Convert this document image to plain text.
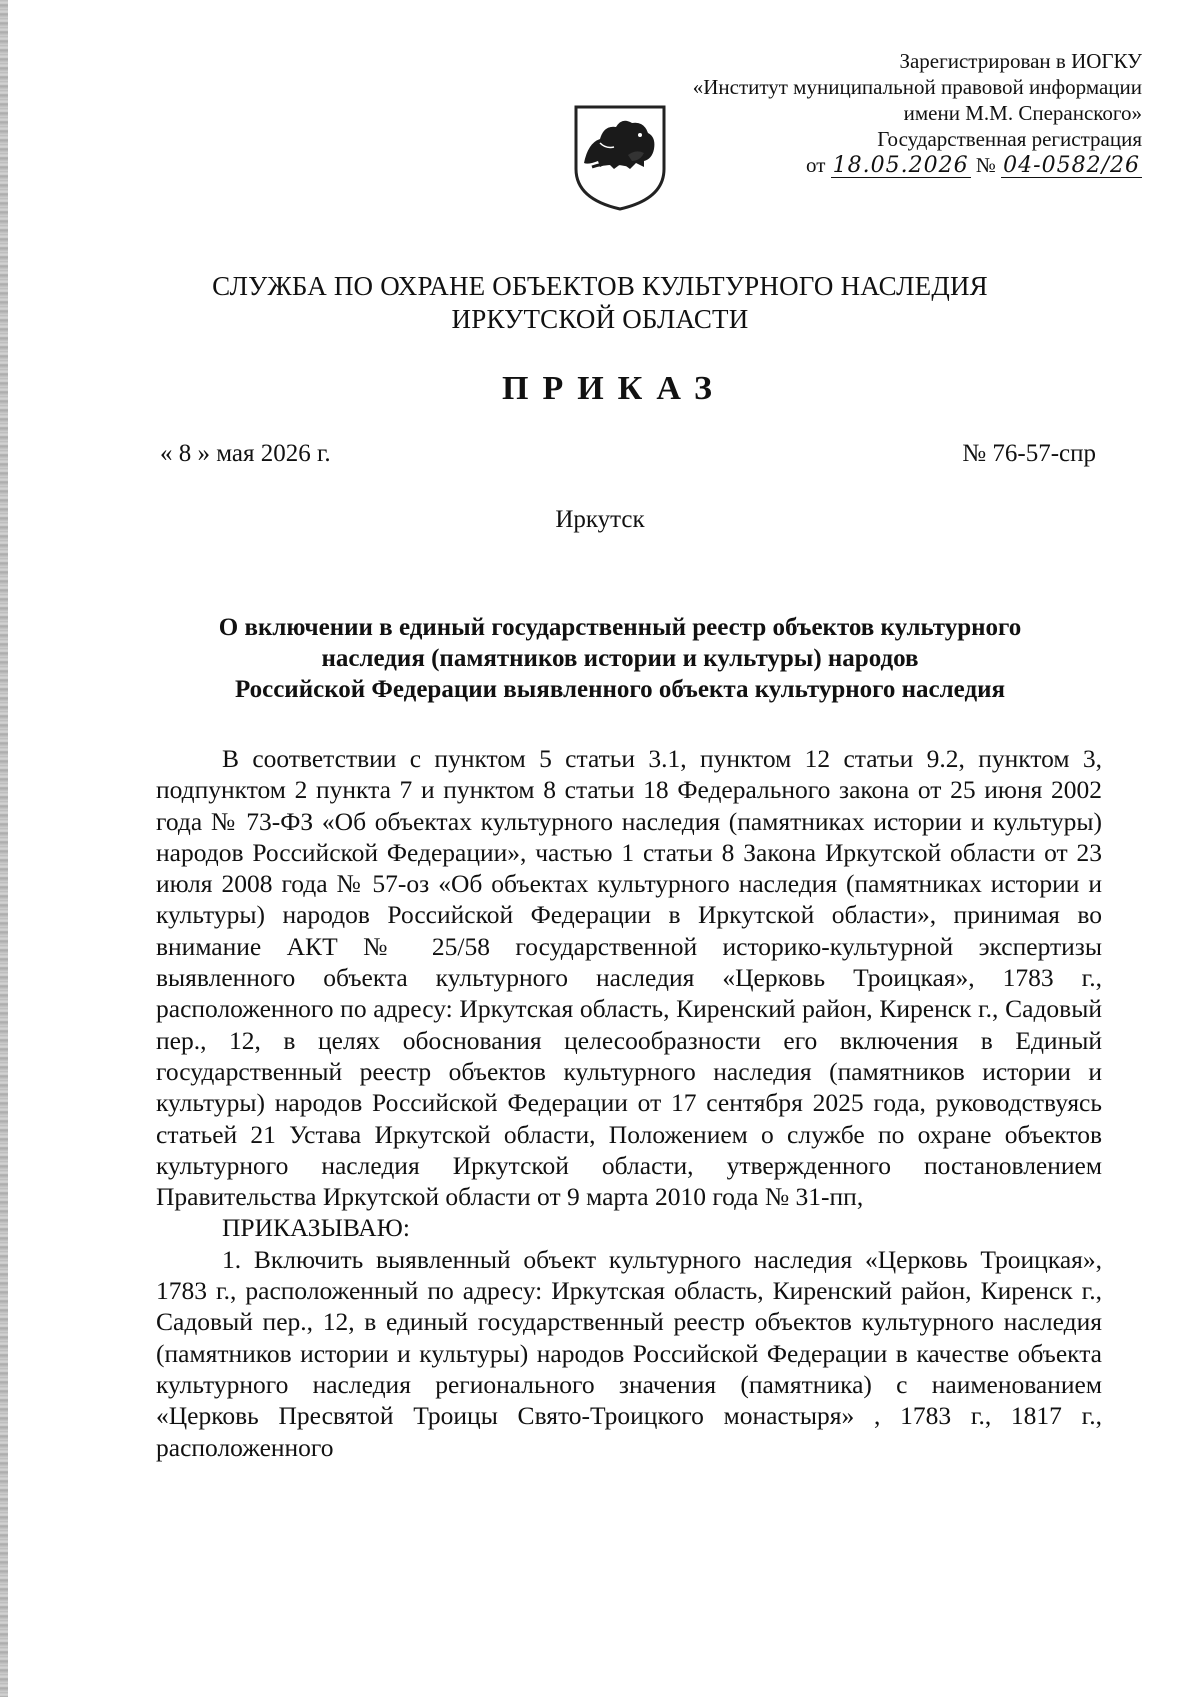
Зарегистрирован в ИОГКУ
«Институт муниципальной правовой информации
имени М.М. Сперанского»
Государственная регистрация
от 18.05.2026 № 04-0582/26
СЛУЖБА ПО ОХРАНЕ ОБЪЕКТОВ КУЛЬТУРНОГО НАСЛЕДИЯ
ИРКУТСКОЙ ОБЛАСТИ
ПРИКАЗ
« 8 » мая 2026 г.	№ 76-57-спр
Иркутск
О включении в единый государственный реестр объектов культурного
наследия (памятников истории и культуры) народов
Российской Федерации выявленного объекта культурного наследия

В соответствии с пунктом 5 статьи 3.1, пунктом 12 статьи 9.2, пунктом 3, подпунктом 2 пункта 7 и пунктом 8 статьи 18 Федерального закона от 25 июня 2002 года № 73-ФЗ «Об объектах культурного наследия (памятниках истории и культуры) народов Российской Федерации», частью 1 статьи 8 Закона Иркутской области от 23 июля 2008 года № 57-оз «Об объектах культурного наследия (памятниках истории и культуры) народов Российской Федерации в Иркутской области», принимая во внимание АКТ № 25/58 государственной историко-культурной экспертизы выявленного объекта культурного наследия «Церковь Троицкая», 1783 г., расположенного по адресу: Иркутская область, Киренский район, Киренск г., Садовый пер., 12, в целях обоснования целесообразности его включения в Единый государственный реестр объектов культурного наследия (памятников истории и культуры) народов Российской Федерации от 17 сентября 2025 года, руководствуясь статьей 21 Устава Иркутской области, Положением о службе по охране объектов культурного наследия Иркутской области, утвержденного постановлением Правительства Иркутской области от 9 марта 2010 года № 31-пп,

ПРИКАЗЫВАЮ:

1. Включить выявленный объект культурного наследия «Церковь Троицкая», 1783 г., расположенный по адресу: Иркутская область, Киренский район, Киренск г., Садовый пер., 12, в единый государственный реестр объектов культурного наследия (памятников истории и культуры) народов Российской Федерации в качестве объекта культурного наследия регионального значения (памятника) с наименованием «Церковь Пресвятой Троицы Свято-Троицкого монастыря» , 1783 г., 1817 г., расположенного
